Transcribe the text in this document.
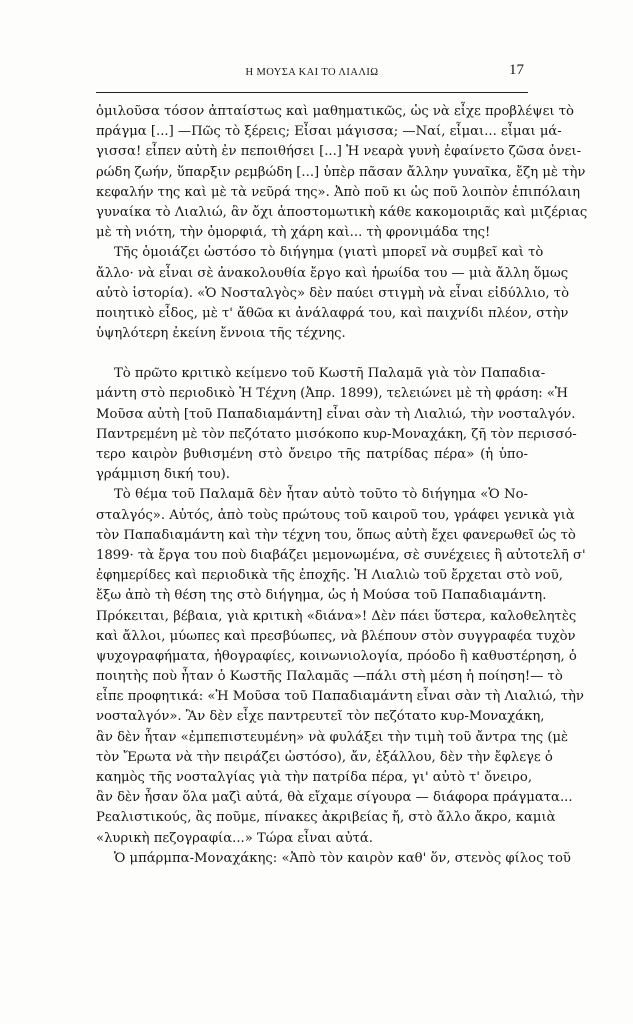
Η ΜΟΥΣΑ ΚΑΙ ΤΟ ΛΙΑΛΙΩ	17
ὁμιλοῦσα τόσον ἀπταίστως καὶ μαθηματικῶς, ὡς νὰ εἶχε προβλέψει τὸ
πράγμα [...] —Πῶς τὸ ξέρεις; Εἶσαι μάγισσα; —Ναί, εἶμαι... εἶμαι μά-
γισσα! εἶπεν αὐτὴ ἐν πεποιθήσει [...] Ἡ νεαρὰ γυνὴ ἐφαίνετο ζῶσα ὀνει-
ρώδη ζωήν, ὕπαρξιν ρεμβώδη [...] ὑπὲρ πᾶσαν ἄλλην γυναῖκα, ἔζη μὲ τὴν
κεφαλήν της καὶ μὲ τὰ νεῦρά της». Ἀπὸ ποῦ κι ὡς ποῦ λοιπὸν ἐπιπόλαιη
γυναίκα τὸ Λιαλιώ, ἂν ὄχι ἀποστομωτικὴ κάθε κακομοιριᾶς καὶ μιζέριας
μὲ τὴ νιότη, τὴν ὀμορφιά, τὴ χάρη καὶ... τὴ φρονιμάδα της!
Τῆς ὁμοιάζει ὡστόσο τὸ διήγημα (γιατὶ μπορεῖ νὰ συμβεῖ καὶ τὸ
ἄλλο· νὰ εἶναι σὲ ἀνακολουθία ἔργο καὶ ἡρωίδα του — μιὰ ἄλλη ὅμως
αὐτὸ ἱστορία). «Ὁ Νοσταλγὸς» δὲν παύει στιγμὴ νὰ εἶναι εἰδύλλιο, τὸ
ποιητικὸ εἶδος, μὲ τ' ἄθῶα κι ἀνάλαφρά του, καὶ παιχνίδι πλέον, στὴν
ὑψηλότερη ἐκείνη ἔννοια τῆς τέχνης.
Τὸ πρῶτο κριτικὸ κείμενο τοῦ Κωστῆ Παλαμᾶ γιὰ τὸν Παπαδια-
μάντη στὸ περιοδικὸ Ἡ Τέχνη (Ἀπρ. 1899), τελειώνει μὲ τὴ φράση: «Ἡ
Μοῦσα αὐτὴ [τοῦ Παπαδιαμάντη] εἶναι σὰν τὴ Λιαλιώ, τὴν νοσταλγόν.
Παντρεμένη μὲ τὸν πεζότατο μισόκοπο κυρ-Μοναχάκη, ζῆ τὸν περισσό-
τερο καιρὸν βυθισμένη στὸ ὄνειρο τῆς πατρίδας πέρα» (ἡ ὑπο-
γράμμιση δική του).
Τὸ θέμα τοῦ Παλαμᾶ δὲν ἦταν αὐτὸ τοῦτο τὸ διήγημα «Ὁ Νο-
σταλγός». Αὐτός, ἀπὸ τοὺς πρώτους τοῦ καιροῦ του, γράφει γενικὰ γιὰ
τὸν Παπαδιαμάντη καὶ τὴν τέχνη του, ὅπως αὐτὴ ἔχει φανερωθεῖ ὡς τὸ
1899· τὰ ἔργα του ποὺ διαβάζει μεμονωμένα, σὲ συνέχειες ἢ αὐτοτελῆ σ'
ἐφημερίδες καὶ περιοδικὰ τῆς ἐποχῆς. Ἡ Λιαλιὼ τοῦ ἔρχεται στὸ νοῦ,
ἔξω ἀπὸ τὴ θέση της στὸ διήγημα, ὡς ἡ Μούσα τοῦ Παπαδιαμάντη.
Πρόκειται, βέβαια, γιὰ κριτικὴ «διάνα»! Δὲν πάει ὕστερα, καλοθελητὲς
καὶ ἄλλοι, μύωπες καὶ πρεσβύωπες, νὰ βλέπουν στὸν συγγραφέα τυχὸν
ψυχογραφήματα, ἠθογραφίες, κοινωνιολογία, πρόοδο ἢ καθυστέρηση, ὁ
ποιητὴς ποὺ ἦταν ὁ Κωστῆς Παλαμᾶς —πάλι στὴ μέση ἡ ποίηση!— τὸ
εἶπε προφητικά: «Ἡ Μοῦσα τοῦ Παπαδιαμάντη εἶναι σὰν τὴ Λιαλιώ, τὴν
νοσταλγόν». Ἂν δὲν εἶχε παντρευτεῖ τὸν πεζότατο κυρ-Μοναχάκη,
ἂν δὲν ἦταν «ἐμπεπιστευμένη» νὰ φυλάξει τὴν τιμὴ τοῦ ἄντρα της (μὲ
τὸν Ἔρωτα νὰ τὴν πειράζει ὡστόσο), ἄν, ἐξάλλου, δὲν τὴν ἔφλεγε ὁ
καημὸς τῆς νοσταλγίας γιὰ τὴν πατρίδα πέρα, γι' αὐτὸ τ' ὄνειρο,
ἂν δὲν ἦσαν ὅλα μαζὶ αὐτά, θὰ εἴχαμε σίγουρα — διάφορα πράγματα...
Ρεαλιστικούς, ἂς ποῦμε, πίνακες ἀκριβείας ἤ, στὸ ἄλλο ἄκρο, καμιὰ
«λυρικὴ πεζογραφία...» Τώρα εἶναι αὐτά.
Ὁ μπάρμπα-Μοναχάκης: «Ἀπὸ τὸν καιρὸν καθ' ὅν, στενὸς φίλος τοῦ
